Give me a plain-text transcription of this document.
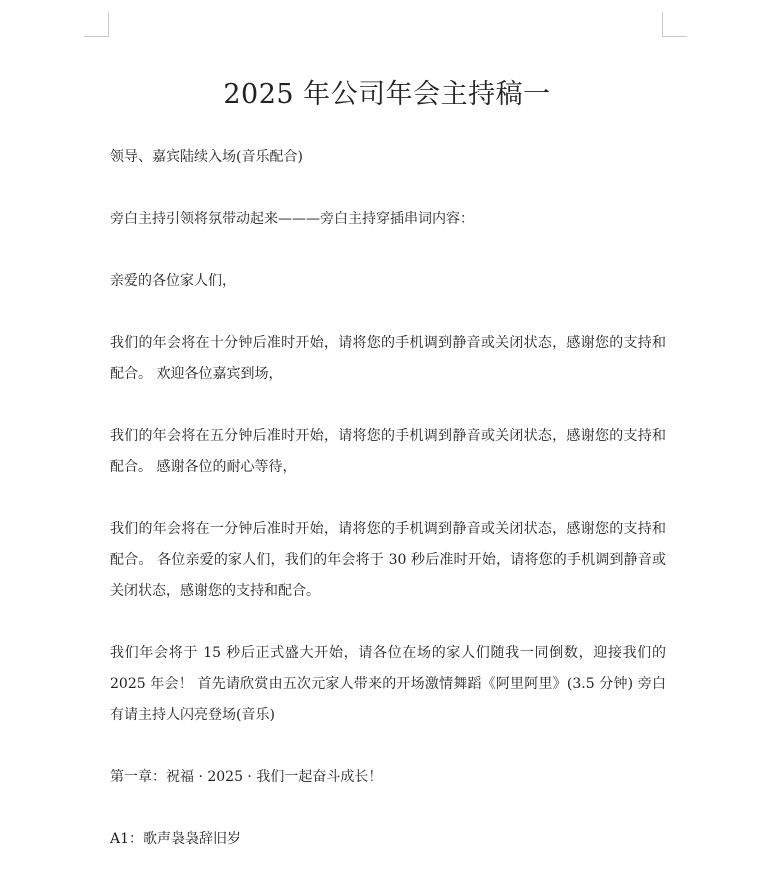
2025 年公司年会主持稿一

领导、嘉宾陆续入场(音乐配合)

旁白主持引领将氛带动起来———旁白主持穿插串词内容：

亲爱的各位家人们，

我们的年会将在十分钟后准时开始，请将您的手机调到静音或关闭状态，感谢您的支持和配合。 欢迎各位嘉宾到场，

我们的年会将在五分钟后准时开始，请将您的手机调到静音或关闭状态，感谢您的支持和配合。 感谢各位的耐心等待，

我们的年会将在一分钟后准时开始，请将您的手机调到静音或关闭状态，感谢您的支持和配合。 各位亲爱的家人们，我们的年会将于 30 秒后准时开始，请将您的手机调到静音或关闭状态，感谢您的支持和配合。

我们年会将于 15 秒后正式盛大开始，请各位在场的家人们随我一同倒数，迎接我们的 2025 年会！ 首先请欣赏由五次元家人带来的开场激情舞蹈《阿里阿里》(3.5 分钟) 旁白有请主持人闪亮登场(音乐)

第一章：祝福 · 2025 · 我们一起奋斗成长！

A1：歌声袅袅辞旧岁
